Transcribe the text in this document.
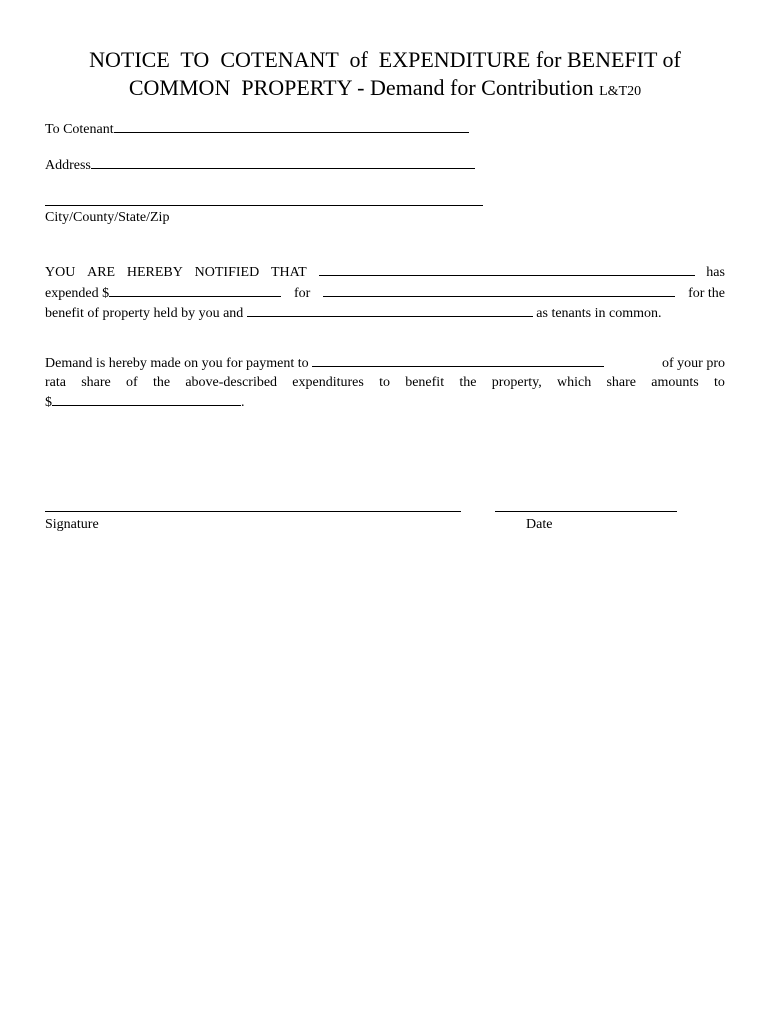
NOTICE  TO  COTENANT  of  EXPENDITURE for BENEFIT of
COMMON  PROPERTY - Demand for Contribution L&T20
To Cotenant
Address
City/County/State/Zip
YOU ARE HEREBY NOTIFIED THAT	has
expended $	for	for the
benefit of property held by you and

	as tenants in common.
Demand is hereby made on you for payment to	of your pro
rata share of the above-described expenditures to benefit the property, which share amounts to
$	.
Signature	Date
